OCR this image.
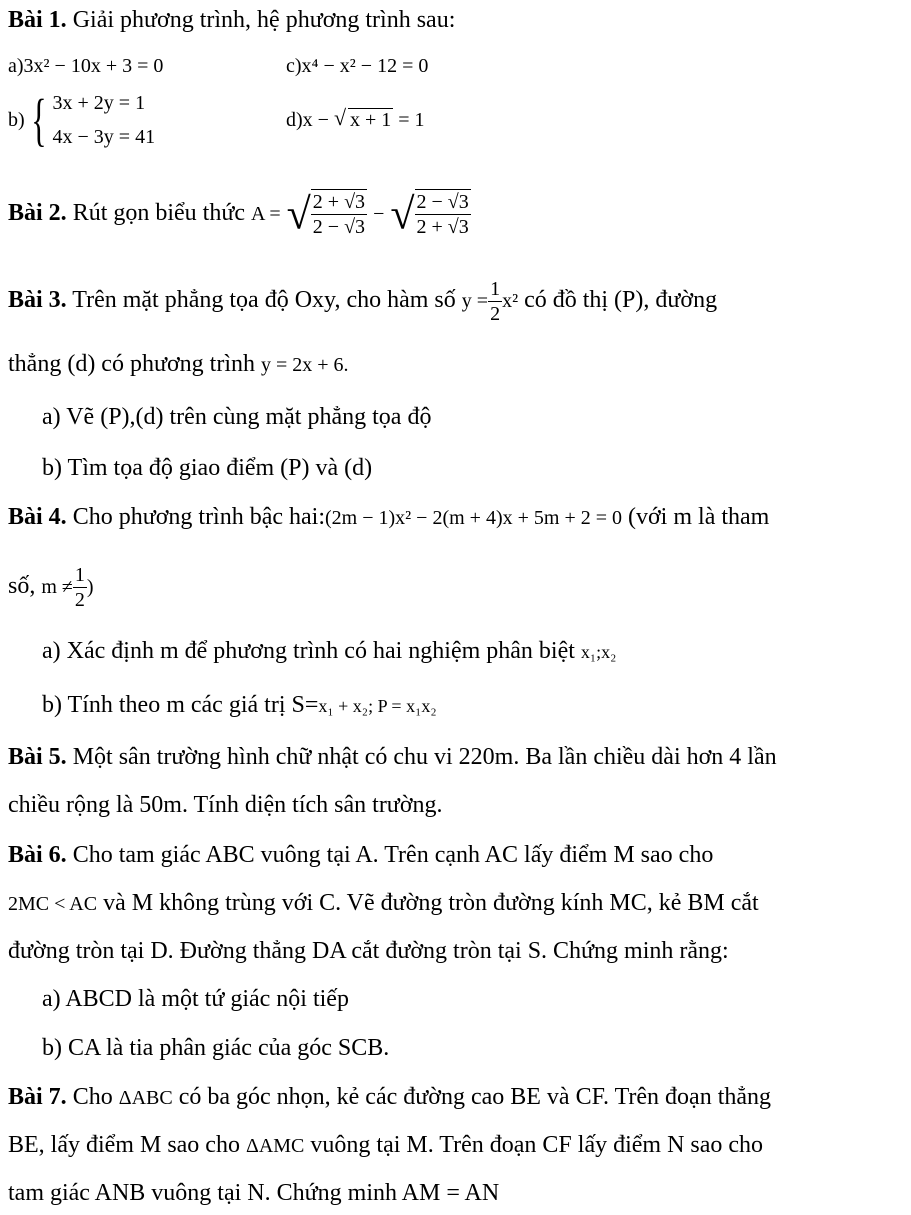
Bài 1. Giải phương trình, hệ phương trình sau:
a)3x² − 10x + 3 = 0	c)x⁴ − x² − 12 = 0
b) { 3x + 2y = 1
4x − 3y = 41
d)x − √ x + 1 = 1
Bài 2. Rút gọn biểu thức A = √ $\frac{2 + √3}{2 - √3}$ − √ $\frac{2 - √3}{2 + √3}$
Bài 3. Trên mặt phẳng tọa độ Oxy, cho hàm số $y = \frac{1}{2} x^2$ có đồ thị (P), đường
thẳng (d) có phương trình y = 2x + 6.
a) Vẽ (P),(d) trên cùng mặt phẳng tọa độ
b) Tìm tọa độ giao điểm (P) và (d)
Bài 4. Cho phương trình bậc hai:(2m − 1)x² − 2(m + 4)x + 5m + 2 = 0 (với m là tham
số, $m \ne \frac{1}{2}$ )
a) Xác định m để phương trình có hai nghiệm phân biệt x₁;x₂
b) Tính theo m các giá trị S=x₁ + x₂; P = x₁x₂
Bài 5. Một sân trường hình chữ nhật có chu vi 220m. Ba lần chiều dài hơn 4 lần
chiều rộng là 50m. Tính diện tích sân trường.
Bài 6. Cho tam giác ABC vuông tại A. Trên cạnh AC lấy điểm M sao cho
2MC < AC và M không trùng với C. Vẽ đường tròn đường kính MC, kẻ BM cắt
đường tròn tại D. Đường thẳng DA cắt đường tròn tại S. Chứng minh rằng:
a) ABCD là một tứ giác nội tiếp
b) CA là tia phân giác của góc SCB.
Bài 7. Cho ΔABC có ba góc nhọn, kẻ các đường cao BE và CF. Trên đoạn thẳng
BE, lấy điểm M sao cho ΔAMC vuông tại M. Trên đoạn CF lấy điểm N sao cho
tam giác ANB vuông tại N. Chứng minh AM = AN
